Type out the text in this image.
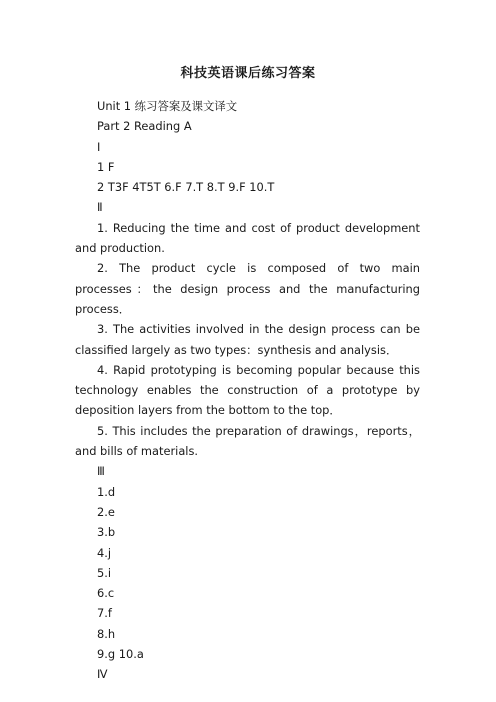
科技英语课后练习答案
Unit 1 练习答案及课文译文
Part 2 Reading A
Ⅰ
1 F
2 T3F 4T5T 6.F 7.T 8.T 9.F 10.T
Ⅱ
1. Reducing the time and cost of product development and production.
2. The product cycle is composed of two main processes：the design process and the manufacturing process．
3. The activities involved in the design process can be classified largely as two types：synthesis and analysis．
4. Rapid prototyping is becoming popular because this technology enables the construction of a prototype by deposition layers from the bottom to the top．
5. This includes the preparation of drawings，reports，and bills of materials.
Ⅲ
1.d
2.e
3.b
4.j
5.i
6.c
7.f
8.h
9.g 10.a
Ⅳ
